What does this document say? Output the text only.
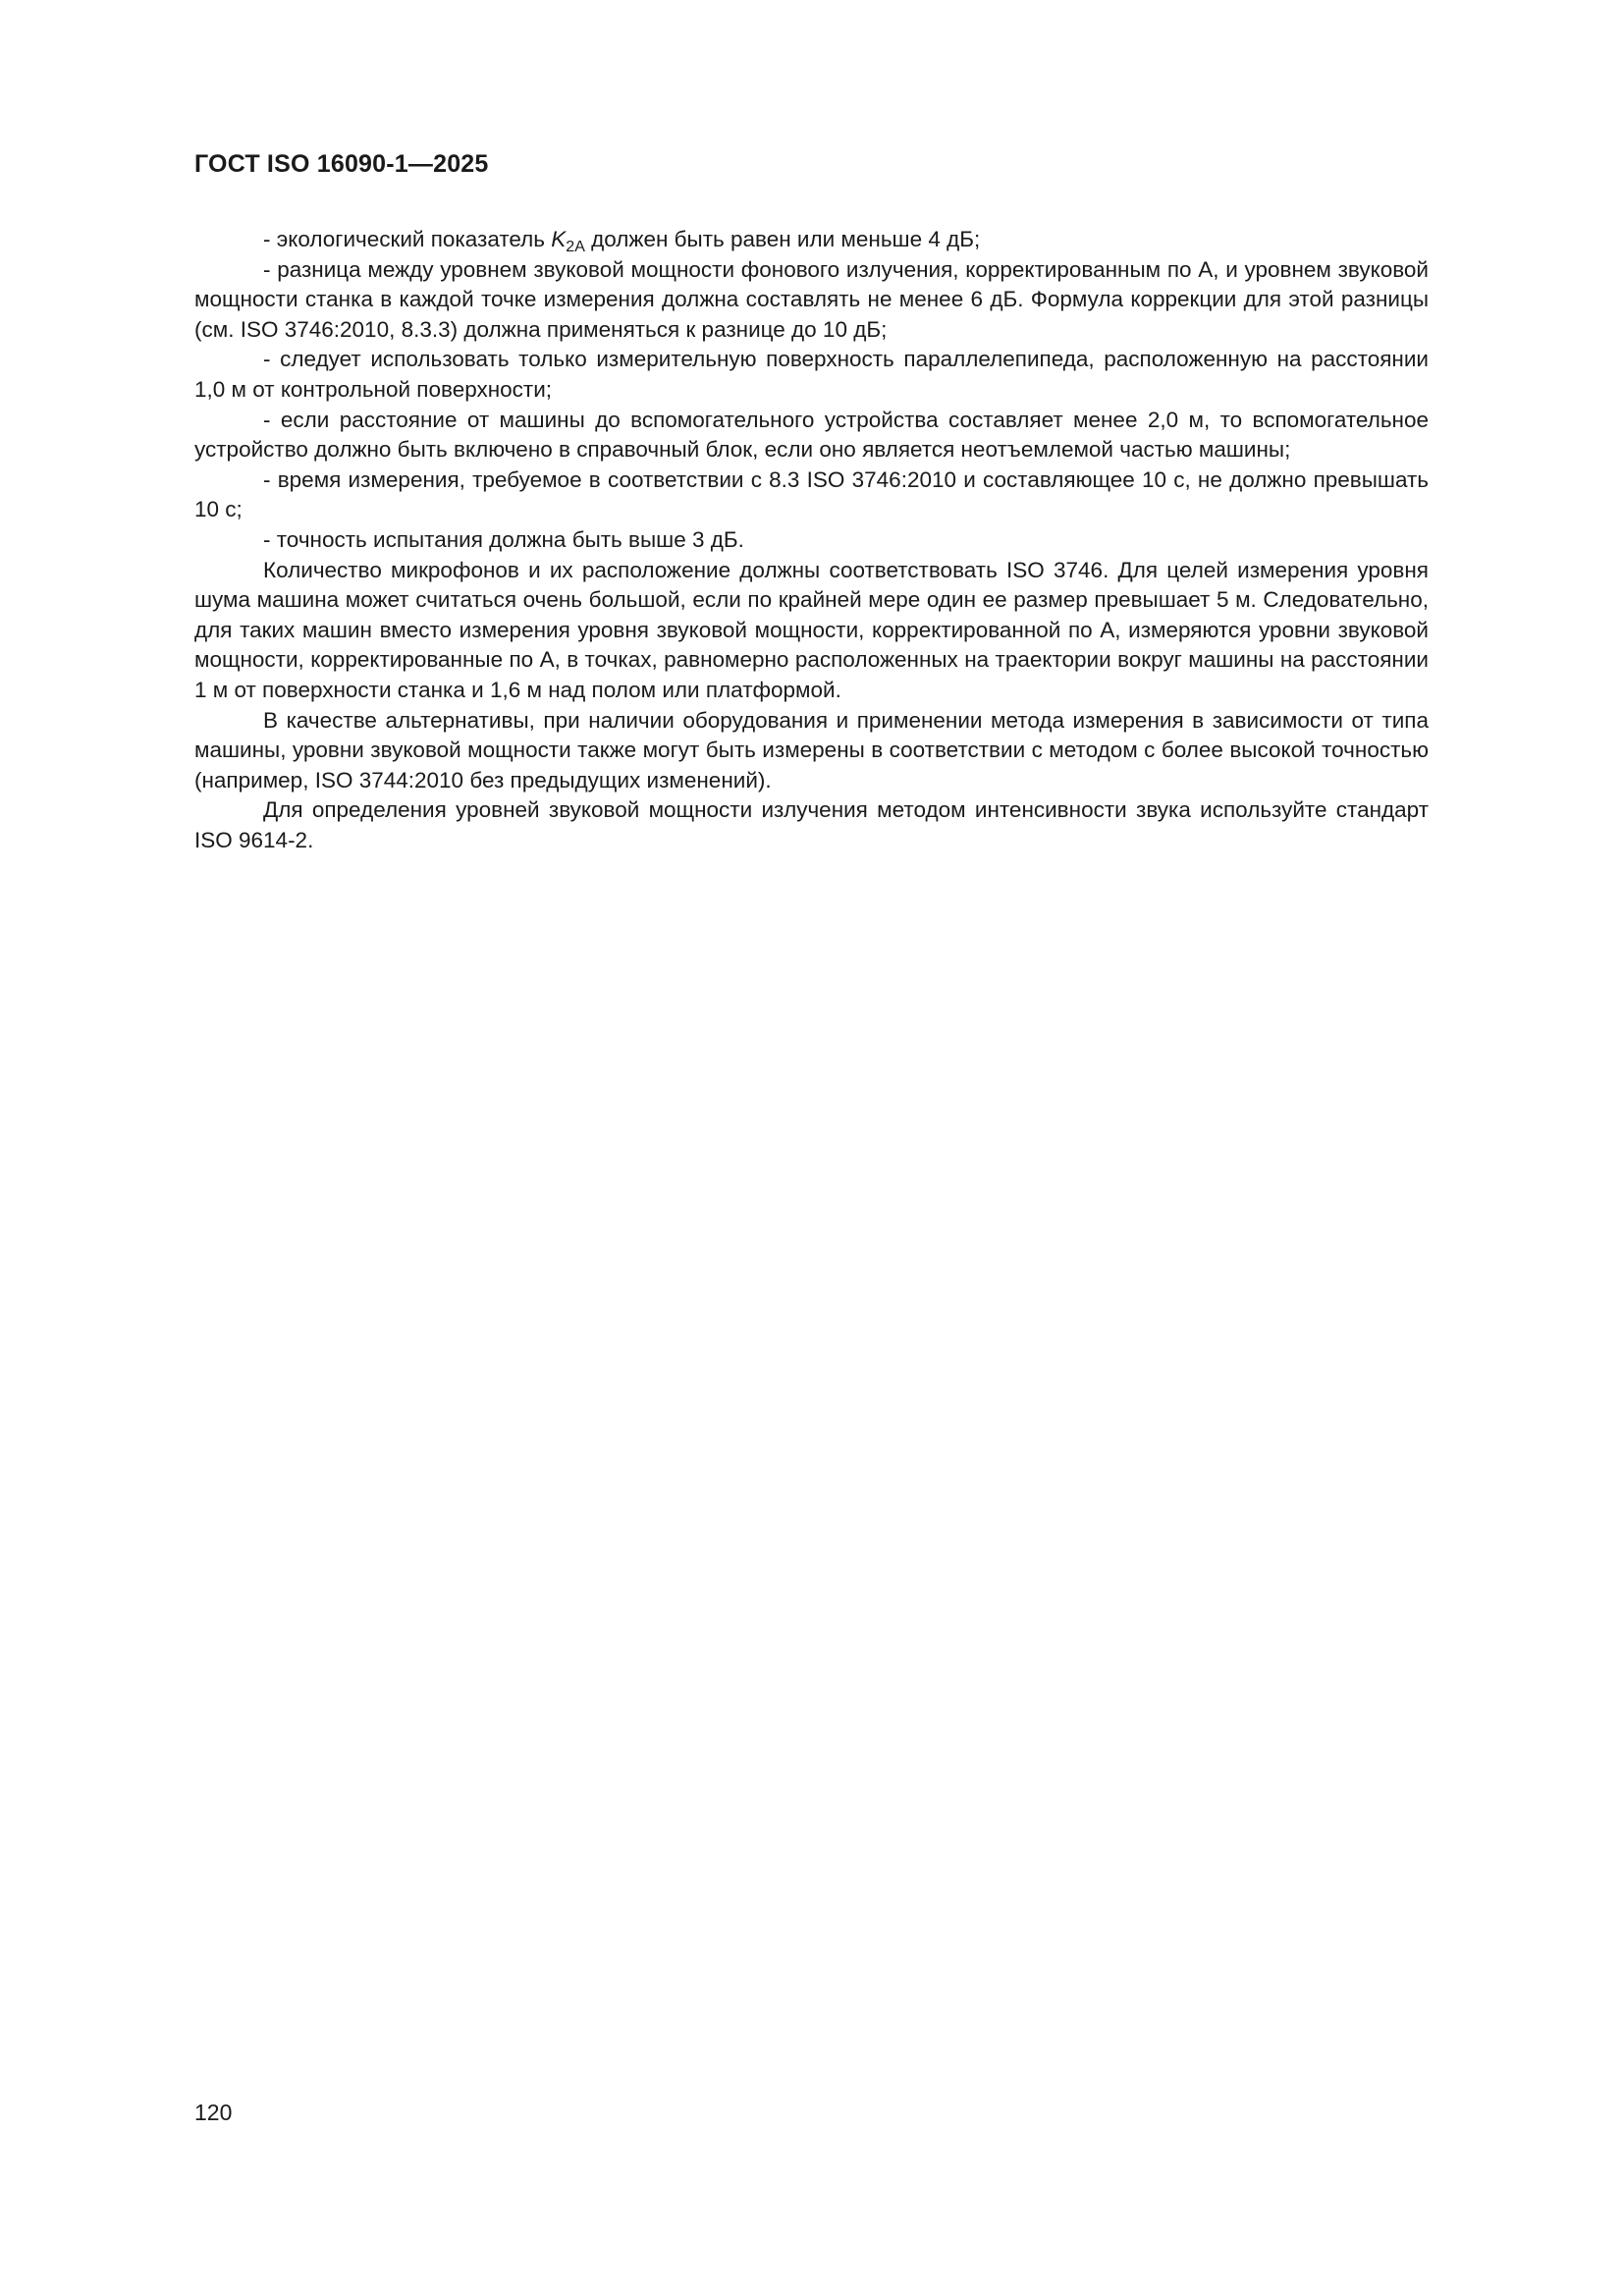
ГОСТ ISO 16090-1—2025

- экологический показатель $K_{2A}$ должен быть равен или меньше 4 дБ;

- разница между уровнем звуковой мощности фонового излучения, корректированным по А, и уровнем звуковой мощности станка в каждой точке измерения должна составлять не менее 6 дБ. Формула коррекции для этой разницы (см. ISO 3746:2010, 8.3.3) должна применяться к разнице до 10 дБ;

- следует использовать только измерительную поверхность параллелепипеда, расположенную на расстоянии 1,0 м от контрольной поверхности;

- если расстояние от машины до вспомогательного устройства составляет менее 2,0 м, то вспомогательное устройство должно быть включено в справочный блок, если оно является неотъемлемой частью машины;

- время измерения, требуемое в соответствии с 8.3 ISO 3746:2010 и составляющее 10 с, не должно превышать 10 с;

- точность испытания должна быть выше 3 дБ.

Количество микрофонов и их расположение должны соответствовать ISO 3746. Для целей измерения уровня шума машина может считаться очень большой, если по крайней мере один ее размер превышает 5 м. Следовательно, для таких машин вместо измерения уровня звуковой мощности, корректированной по А, измеряются уровни звуковой мощности, корректированные по А, в точках, равномерно расположенных на траектории вокруг машины на расстоянии 1 м от поверхности станка и 1,6 м над полом или платформой.

В качестве альтернативы, при наличии оборудования и применении метода измерения в зависимости от типа машины, уровни звуковой мощности также могут быть измерены в соответствии с методом с более высокой точностью (например, ISO 3744:2010 без предыдущих изменений).

Для определения уровней звуковой мощности излучения методом интенсивности звука используйте стандарт ISO 9614-2.

120
